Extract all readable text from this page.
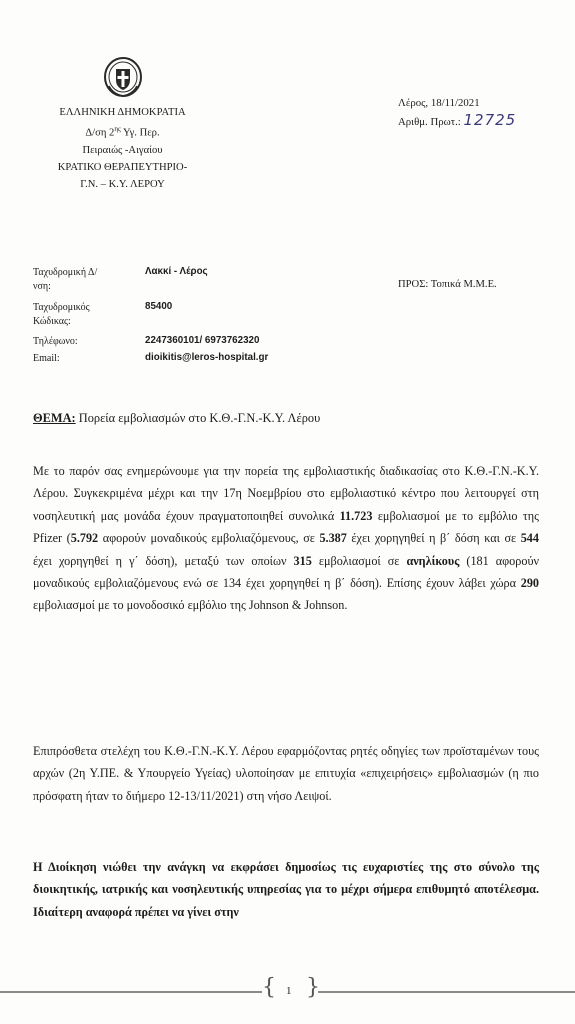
ΕΛΛΗΝΙΚΗ ΔΗΜΟΚΡΑΤΙΑ
Δ/ση $2^{\eta\varsigma}$ Υγ. Περ.
Πειραιώς -Αιγαίου
ΚΡΑΤΙΚΟ ΘΕΡΑΠΕΥΤΗΡΙΟ-
Γ.Ν. – Κ.Υ. ΛΕΡΟΥ
Λέρος, 18/11/2021
Αριθμ. Πρωτ.: 12725
Ταχυδρομική Δ/νση:
Λακκί - Λέρος
Ταχυδρομικός Κώδικας:
85400
Τηλέφωνο:	2247360101/ 6973762320
Email:	dioikitis@leros-hospital.gr
ΠΡΟΣ: Τοπικά Μ.Μ.Ε.
ΘΕΜΑ: Πορεία εμβολιασμών στο Κ.Θ.-Γ.Ν.-Κ.Υ. Λέρου
Με το παρόν σας ενημερώνουμε για την πορεία της εμβολιαστικής διαδικασίας στο Κ.Θ.-Γ.Ν.-Κ.Υ. Λέρου. Συγκεκριμένα μέχρι και την 17η Νοεμβρίου στο εμβολιαστικό κέντρο που λειτουργεί στη νοσηλευτική μας μονάδα έχουν πραγματοποιηθεί συνολικά 11.723 εμβολιασμοί με το εμβόλιο της Pfizer (5.792 αφορούν μοναδικούς εμβολιαζόμενους, σε 5.387 έχει χορηγηθεί η β΄ δόση και σε 544 έχει χορηγηθεί η γ΄ δόση), μεταξύ των οποίων 315 εμβολιασμοί σε ανηλίκους (181 αφορούν μοναδικούς εμβολιαζόμενους ενώ σε 134 έχει χορηγηθεί η β΄ δόση). Επίσης έχουν λάβει χώρα 290 εμβολιασμοί με το μονοδοσικό εμβόλιο της Johnson & Johnson.
Επιπρόσθετα στελέχη του Κ.Θ.-Γ.Ν.-Κ.Υ. Λέρου εφαρμόζοντας ρητές οδηγίες των προϊσταμένων τους αρχών (2η Υ.ΠΕ. & Υπουργείο Υγείας) υλοποίησαν με επιτυχία «επιχειρήσεις» εμβολιασμών (η πιο πρόσφατη ήταν το διήμερο 12-13/11/2021) στη νήσο Λειψοί.
Η Διοίκηση νιώθει την ανάγκη να εκφράσει δημοσίως τις ευχαριστίες της στο σύνολο της διοικητικής, ιατρικής και νοσηλευτικής υπηρεσίας για το μέχρι σήμερα επιθυμητό αποτέλεσμα. Ιδιαίτερη αναφορά πρέπει να γίνει στην
{ }
1
